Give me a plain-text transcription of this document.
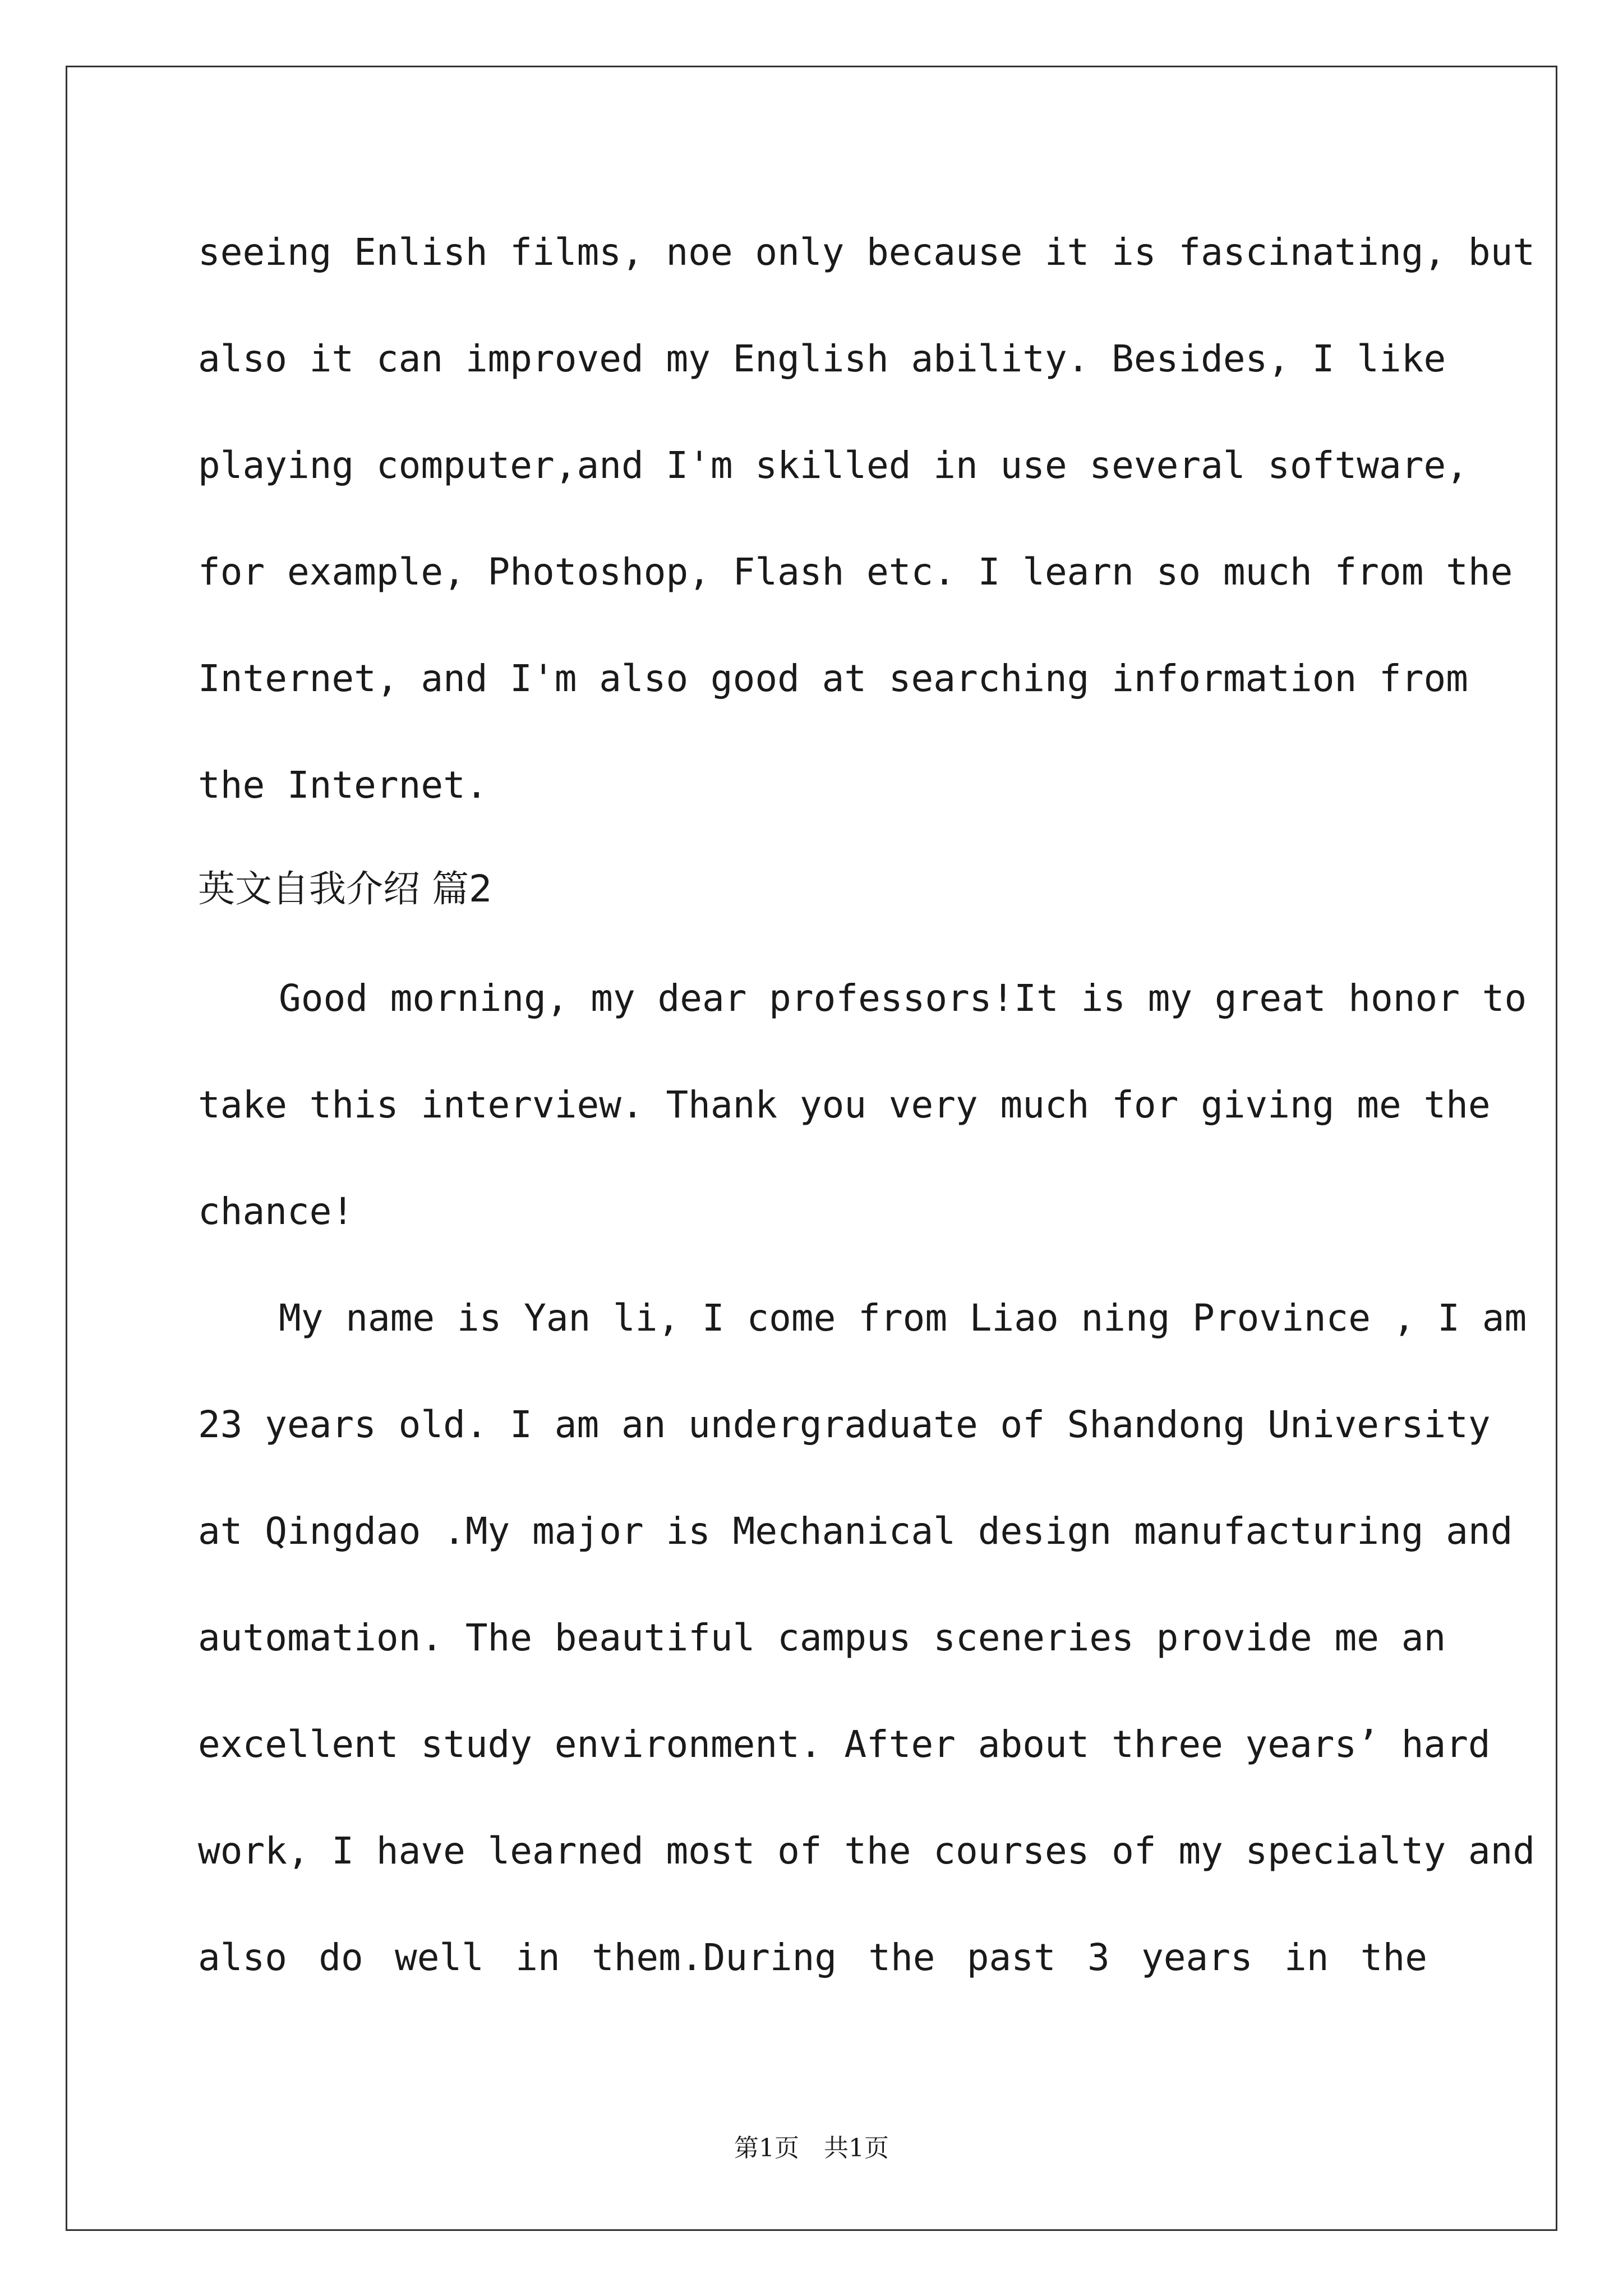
seeing Enlish films, noe only because it is fascinating, but
also it can improved my English ability. Besides, I like
playing computer,and I'm skilled in use several software,
for example, Photoshop, Flash etc. I learn so much from the
Internet, and I'm also good at searching information from
the Internet.
英文自我介绍 篇2
Good morning, my dear professors!It is my great honor to
take this interview. Thank you very much for giving me the
chance!
My name is Yan li, I come from Liao ning Province , I am
23 years old. I am an undergraduate of Shandong University
at Qingdao .My major is Mechanical design manufacturing and
automation. The beautiful campus sceneries provide me an
excellent study environment. After about three years’ hard
work, I have learned most of the courses of my specialty and
also do well in them.During the past 3 years in the
第1页　共1页
